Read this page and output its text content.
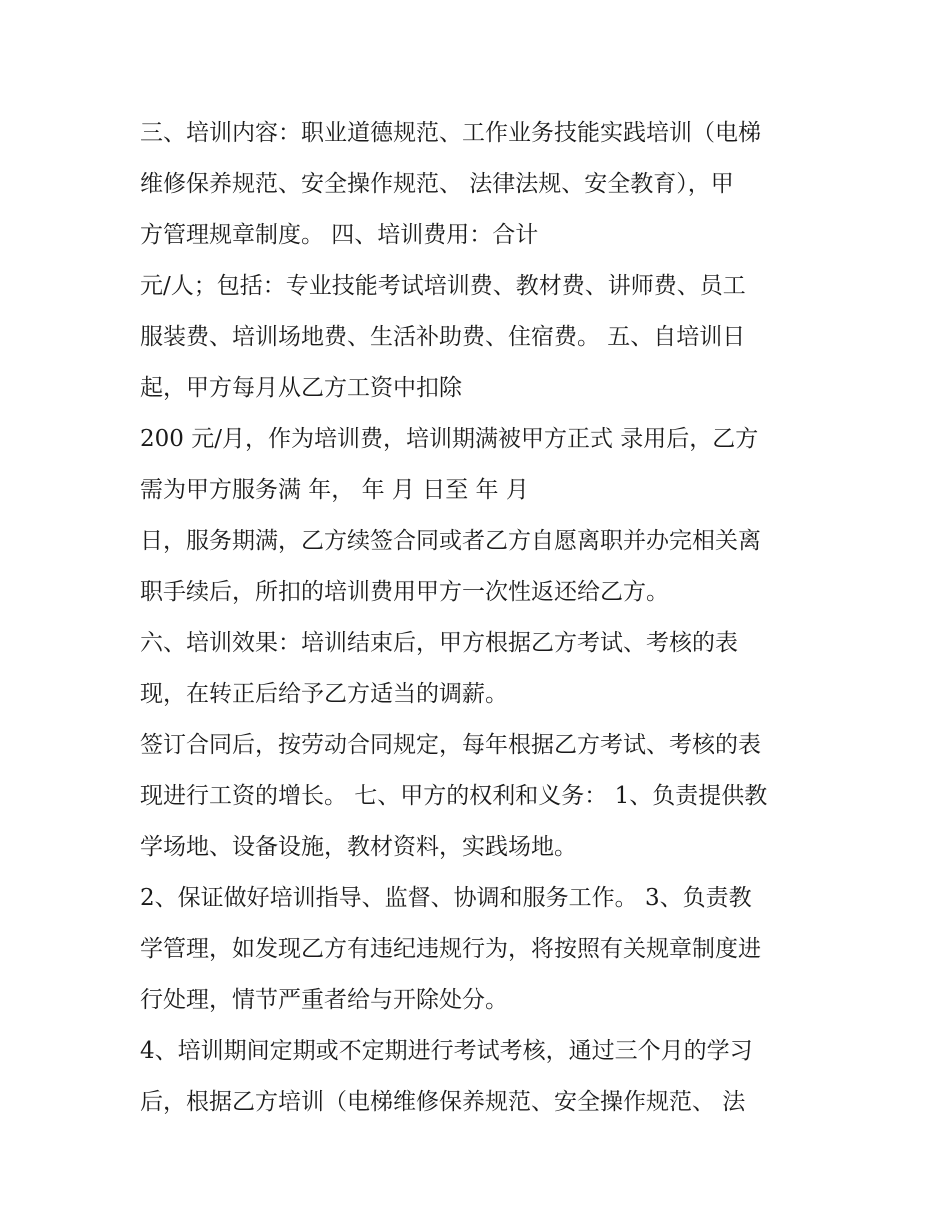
三、培训内容：职业道德规范、工作业务技能实践培训（电梯
维修保养规范、安全操作规范、 法律法规、安全教育），甲
方管理规章制度。 四、培训费用：合计
元/人；包括：专业技能考试培训费、教材费、讲师费、员工
服装费、培训场地费、生活补助费、住宿费。 五、自培训日
起，甲方每月从乙方工资中扣除
200 元/月，作为培训费，培训期满被甲方正式 录用后，乙方
需为甲方服务满 年， 年 月 日至 年 月
日，服务期满，乙方续签合同或者乙方自愿离职并办完相关离
职手续后，所扣的培训费用甲方一次性返还给乙方。
六、培训效果：培训结束后，甲方根据乙方考试、考核的表
现，在转正后给予乙方适当的调薪。
签订合同后，按劳动合同规定，每年根据乙方考试、考核的表
现进行工资的增长。 七、甲方的权利和义务： 1、负责提供教
学场地、设备设施，教材资料，实践场地。
2、保证做好培训指导、监督、协调和服务工作。 3、负责教
学管理，如发现乙方有违纪违规行为，将按照有关规章制度进
行处理，情节严重者给与开除处分。
4、培训期间定期或不定期进行考试考核，通过三个月的学习
后，根据乙方培训（电梯维修保养规范、安全操作规范、 法
